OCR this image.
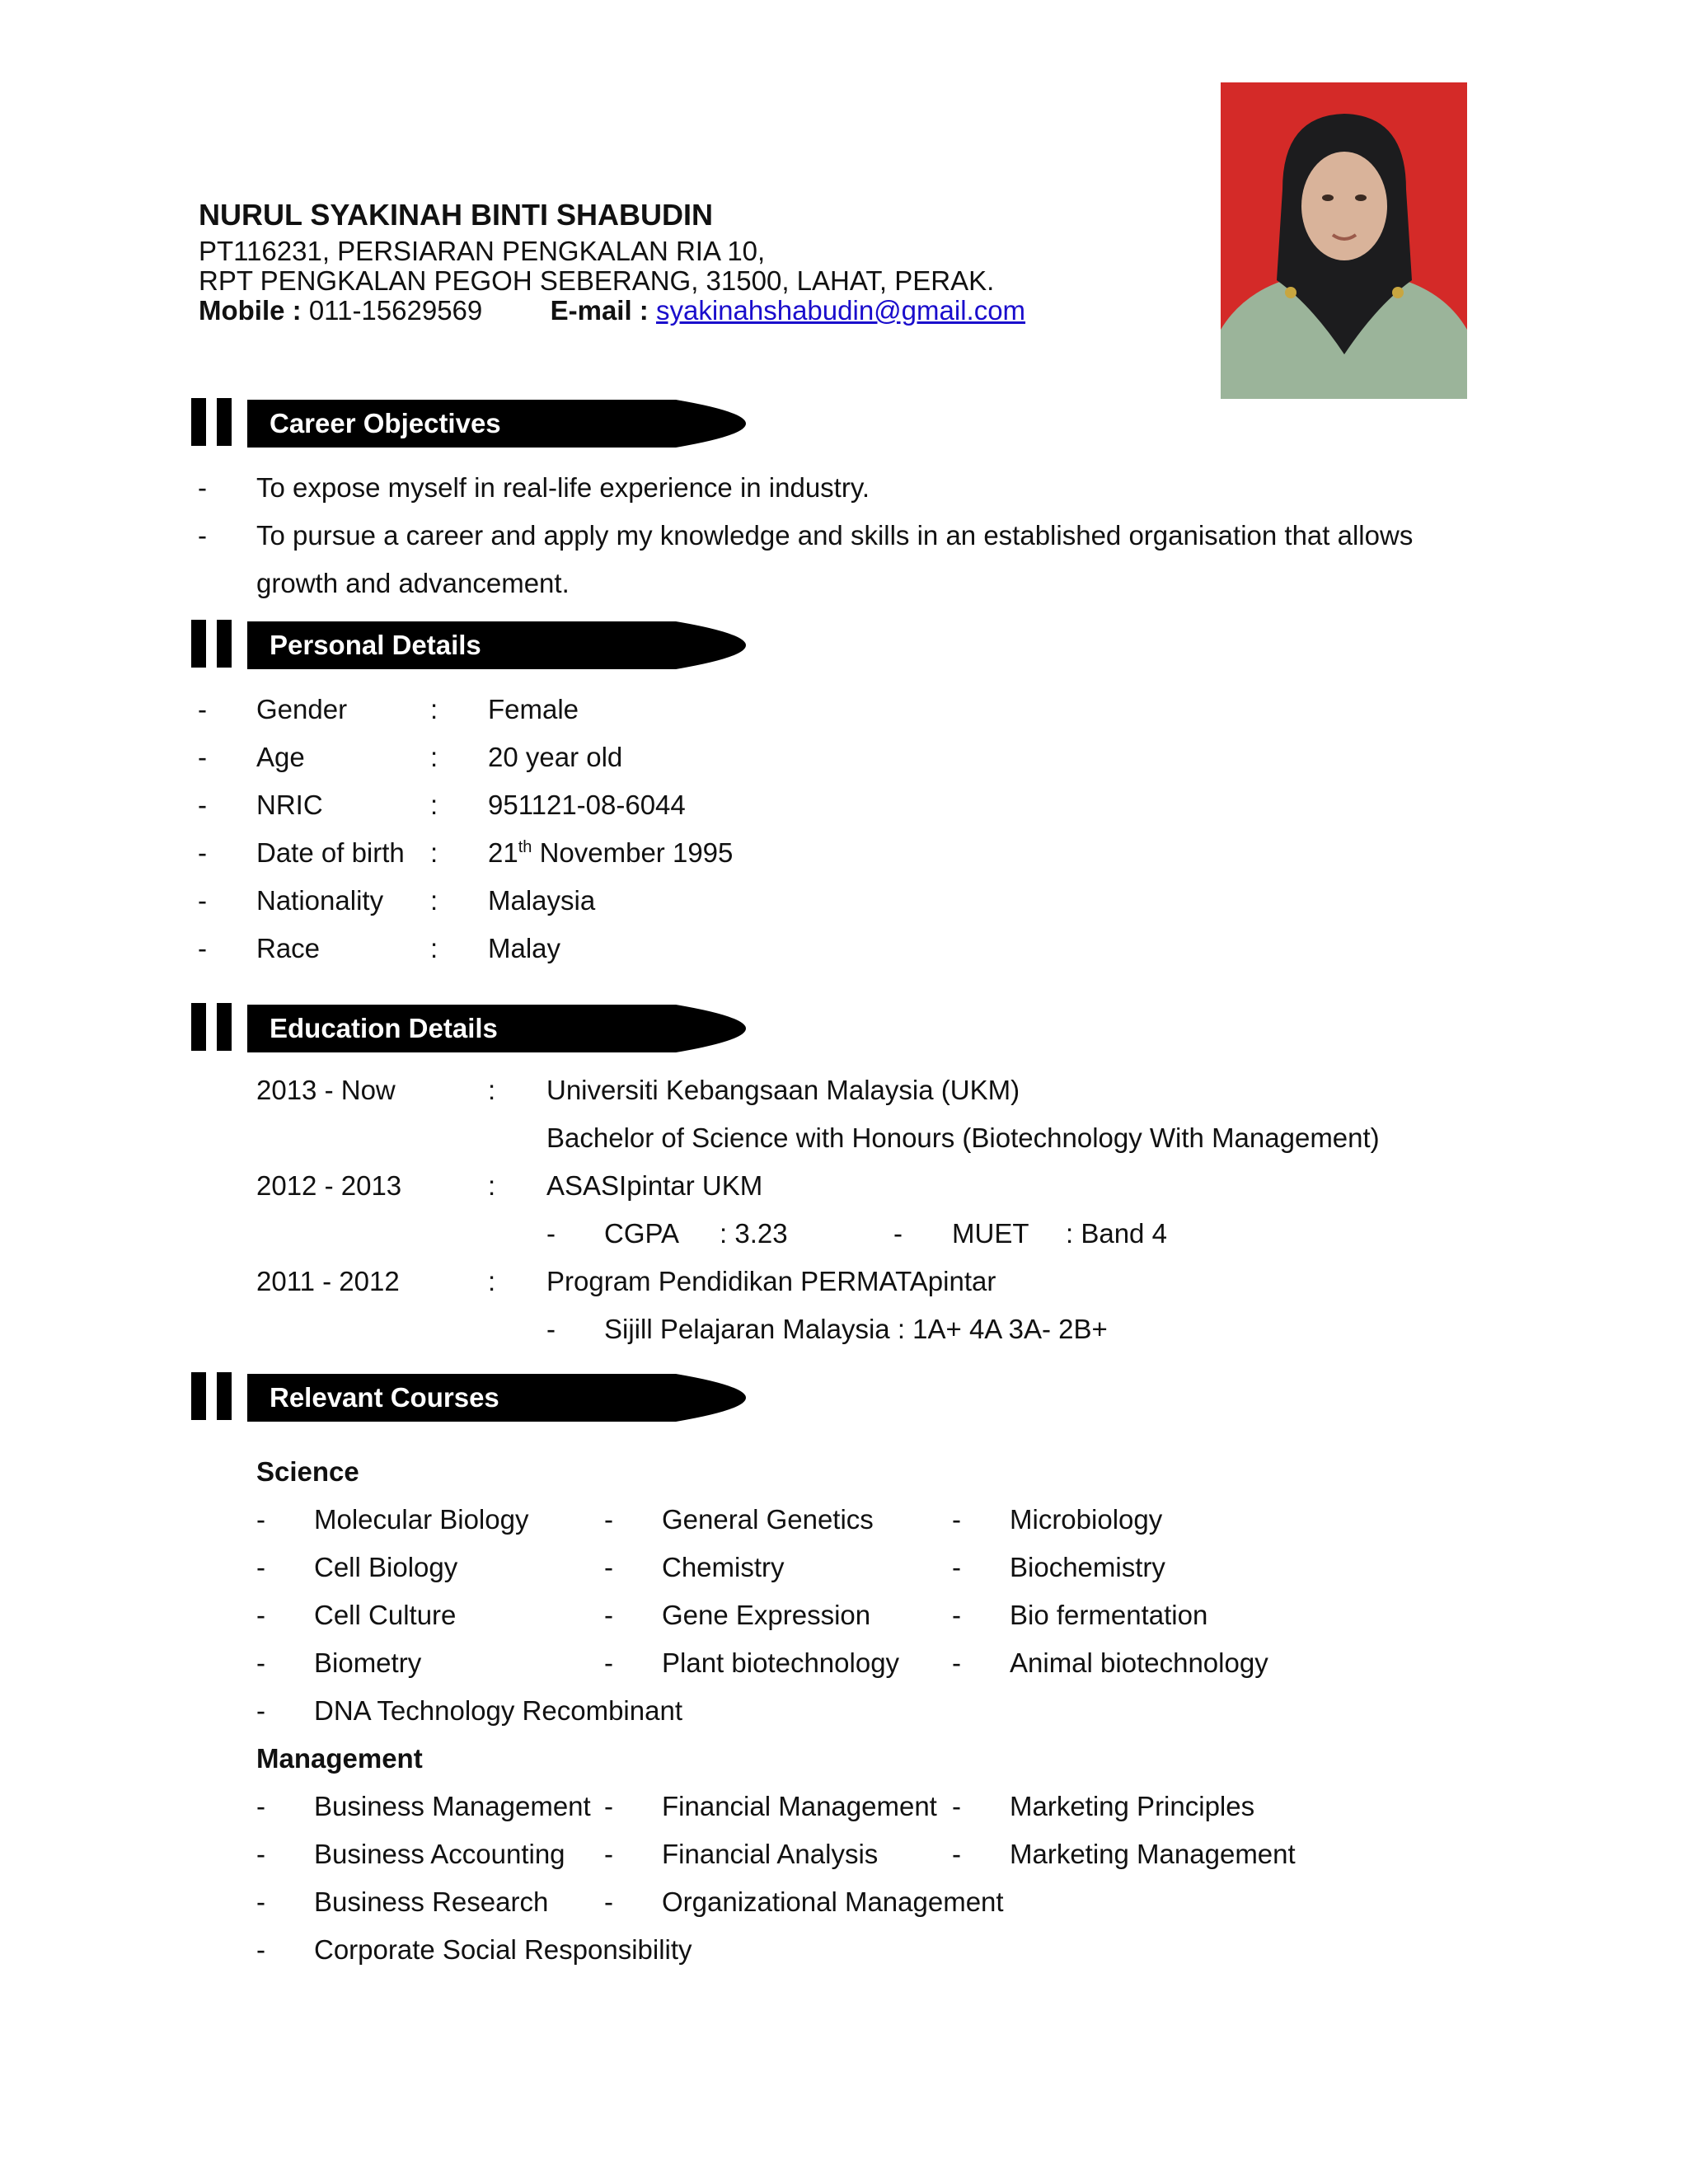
NURUL SYAKINAH BINTI SHABUDIN
PT116231, PERSIARAN PENGKALAN RIA 10,
RPT PENGKALAN PEGOH SEBERANG, 31500, LAHAT, PERAK.
Mobile : 011-15629569 E-mail : syakinahshabudin@gmail.com
Career Objectives
- To expose myself in real-life experience in industry.
- To pursue a career and apply my knowledge and skills in an established organisation that allows
growth and advancement.
Personal Details
- Gender	: Female
- Age	: 20 year old
- NRIC	: 951121-08-6044
- Date of birth : 21th November 1995
- Nationality : Malaysia
- Race	: Malay
Education Details
2013 - Now	: Universiti Kebangsaan Malaysia (UKM)
Bachelor of Science with Honours (Biotechnology With Management)
2012 - 2013	: ASASIpintar UKM
- CGPA : 3.23	- MUET : Band 4
2011 - 2012	: Program Pendidikan PERMATApintar
- Sijill Pelajaran Malaysia : 1A+ 4A 3A- 2B+
Relevant Courses
Science
- Molecular Biology	- General Genetics	- Microbiology
- Cell Biology	- Chemistry	- Biochemistry
- Cell Culture	- Gene Expression	- Bio fermentation
- Biometry	- Plant biotechnology - Animal biotechnology
- DNA Technology Recombinant
Management
- Business Management - Financial Management - Marketing Principles
- Business Accounting - Financial Analysis	- Marketing Management
- Business Research - Organizational Management
- Corporate Social Responsibility
